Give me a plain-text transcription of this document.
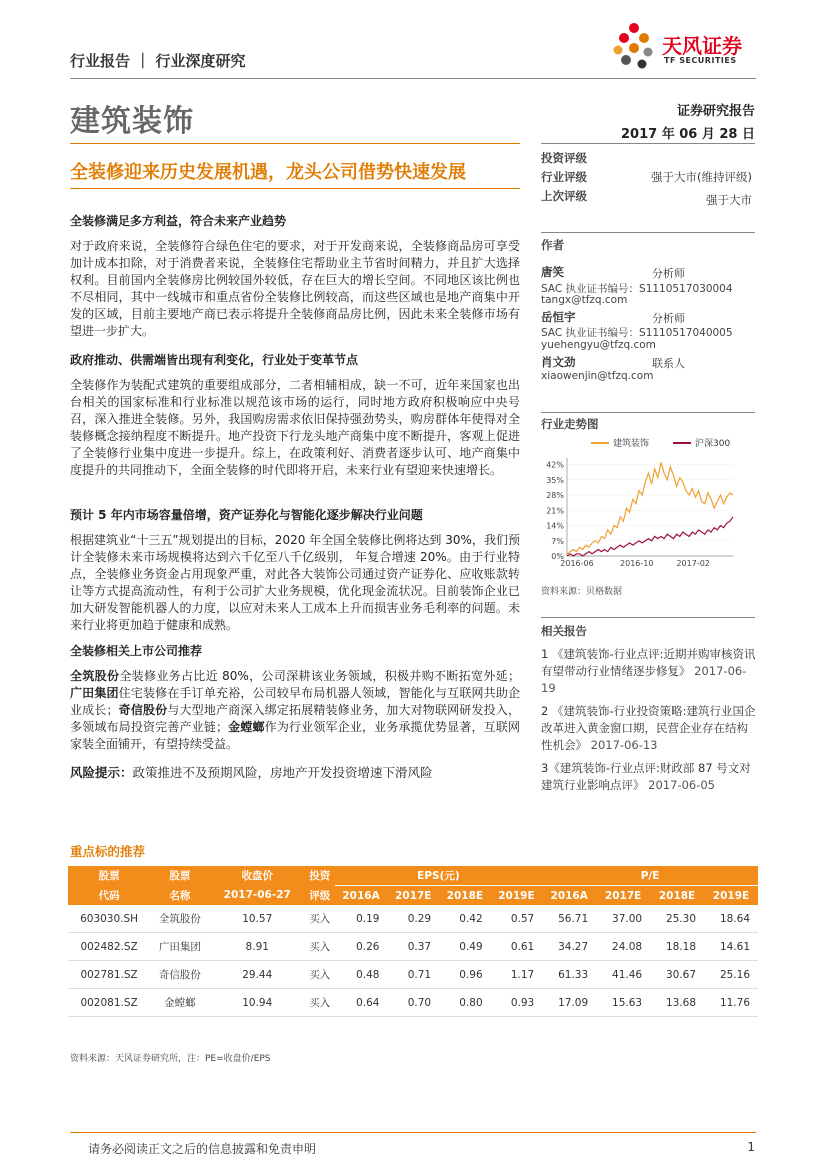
行业报告 ｜ 行业深度研究
天风证券
TF SECURITIES
建筑装饰	证券研究报告
2017 年 06 月 28 日
全装修迎来历史发展机遇，龙头公司借势快速发展
全装修满足多方利益，符合未来产业趋势
对于政府来说，全装修符合绿色住宅的要求，对于开发商来说，全装修商品房可享受加计成本扣除，对于消费者来说，全装修住宅帮助业主节省时间精力，并且扩大选择权利。目前国内全装修房比例较国外较低，存在巨大的增长空间。不同地区该比例也不尽相同，其中一线城市和重点省份全装修比例较高，而这些区域也是地产商集中开发的区域，目前主要地产商已表示将提升全装修商品房比例，因此未来全装修市场有望进一步扩大。
政府推动、供需端皆出现有利变化，行业处于变革节点
全装修作为装配式建筑的重要组成部分，二者相辅相成，缺一不可，近年来国家也出台相关的国家标准和行业标准以规范该市场的运行，同时地方政府积极响应中央号召，深入推进全装修。另外，我国购房需求依旧保持强劲势头，购房群体年使得对全装修概念接纳程度不断提升。地产投资下行龙头地产商集中度不断提升，客观上促进了全装修行业集中度进一步提升。综上，在政策利好、消费者逐步认可、地产商集中度提升的共同推动下，全面全装修的时代即将开启，未来行业有望迎来快速增长。
预计 5 年内市场容量倍增，资产证券化与智能化逐步解决行业问题
根据建筑业“十三五”规划提出的目标，2020 年全国全装修比例将达到 30%，我们预计全装修未来市场规模将达到六千亿至八千亿级别， 年复合增速 20%。由于行业特点，全装修业务资金占用现象严重，对此各大装饰公司通过资产证券化、应收账款转让等方式提高流动性，有利于公司扩大业务规模，优化现金流状况。目前装饰企业已加大研发智能机器人的力度，以应对未来人工成本上升而损害业务毛利率的问题。未来行业将更加趋于健康和成熟。
全装修相关上市公司推荐
全筑股份全装修业务占比近 80%，公司深耕该业务领域，积极并购不断拓宽外延；广田集团住宅装修在手订单充裕，公司较早布局机器人领域，智能化与互联网共助企业成长；奇信股份与大型地产商深入绑定拓展精装修业务，加大对物联网研发投入，多领域布局投资完善产业链；金螳螂作为行业领军企业，业务承揽优势显著，互联网家装全面铺开，有望持续受益。
风险提示：政策推进不及预期风险，房地产开发投资增速下滑风险
投资评级
行业评级	强于大市(维持评级)
上次评级	强于大市
作者
唐笑	分析师
SAC 执业证书编号：S1110517030004
tangx@tfzq.com
岳恒宇	分析师
SAC 执业证书编号：S1110517040005
yuehengyu@tfzq.com
肖文劲	联系人
xiaowenjin@tfzq.com
行业走势图
0%
7%
14%
21%
28%
35%
42%
2016-06	2016-10	2017-02
建筑装饰	沪深300
资料来源：贝格数据
相关报告
1 《建筑装饰-行业点评:近期并购审核资讯有望带动行业情绪逐步修复》 2017-06-19
2 《建筑装饰-行业投资策略:建筑行业国企改革进入黄金窗口期，民营企业存在结构性机会》 2017-06-13
3《建筑装饰-行业点评:财政部 87 号文对建筑行业影响点评》 2017-06-05
重点标的推荐
股票	股票	收盘价	投资	EPS(元)				P/E			
代码	名称	2017-06-27	评级	2016A	2017E	2018E	2019E	2016A	2017E	2018E	2019E
603030.SH	全筑股份	10.57	买入	0.19	0.29	0.42	0.57	56.71	37.00	25.30	18.64
002482.SZ	广田集团	8.91	买入	0.26	0.37	0.49	0.61	34.27	24.08	18.18	14.61
002781.SZ	奇信股份	29.44	买入	0.48	0.71	0.96	1.17	61.33	41.46	30.67	25.16
002081.SZ	金螳螂	10.94	买入	0.64	0.70	0.80	0.93	17.09	15.63	13.68	11.76
资料来源：天风证券研究所，注：PE=收盘价/EPS
请务必阅读正文之后的信息披露和免责申明	1
